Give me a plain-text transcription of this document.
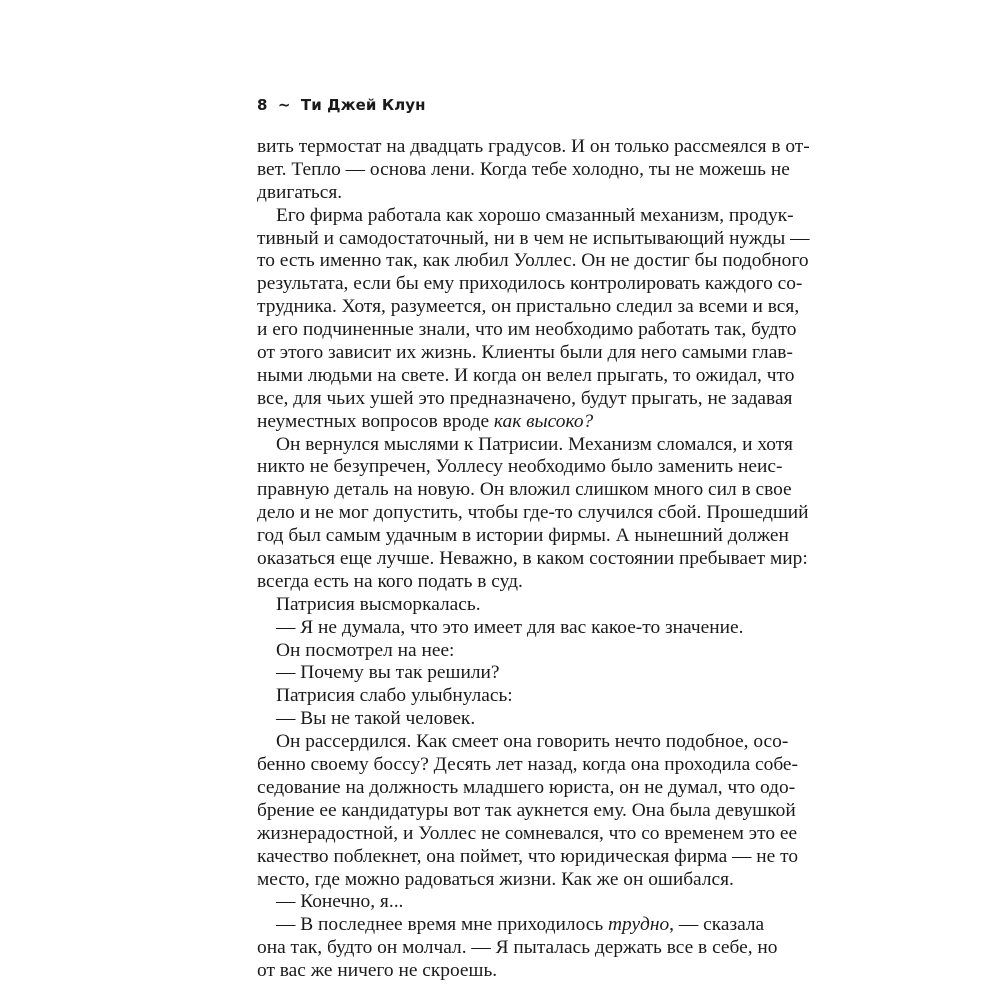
8 ~ Ти Джей Клун
вить термостат на двадцать градусов. И он только рассмеялся в от-
вет. Тепло — основа лени. Когда тебе холодно, ты не можешь не
двигаться.
Его фирма работала как хорошо смазанный механизм, продук-
тивный и самодостаточный, ни в чем не испытывающий нужды —
то есть именно так, как любил Уоллес. Он не достиг бы подобного
результата, если бы ему приходилось контролировать каждого со-
трудника. Хотя, разумеется, он пристально следил за всеми и вся,
и его подчиненные знали, что им необходимо работать так, будто
от этого зависит их жизнь. Клиенты были для него самыми глав-
ными людьми на свете. И когда он велел прыгать, то ожидал, что
все, для чьих ушей это предназначено, будут прыгать, не задавая
неуместных вопросов вроде как высоко?
Он вернулся мыслями к Патрисии. Механизм сломался, и хотя
никто не безупречен, Уоллесу необходимо было заменить неис-
правную деталь на новую. Он вложил слишком много сил в свое
дело и не мог допустить, чтобы где-то случился сбой. Прошедший
год был самым удачным в истории фирмы. А нынешний должен
оказаться еще лучше. Неважно, в каком состоянии пребывает мир:
всегда есть на кого подать в суд.
Патрисия высморкалась.
— Я не думала, что это имеет для вас какое-то значение.
Он посмотрел на нее:
— Почему вы так решили?
Патрисия слабо улыбнулась:
— Вы не такой человек.
Он рассердился. Как смеет она говорить нечто подобное, осо-
бенно своему боссу? Десять лет назад, когда она проходила собе-
седование на должность младшего юриста, он не думал, что одо-
брение ее кандидатуры вот так аукнется ему. Она была девушкой
жизнерадостной, и Уоллес не сомневался, что со временем это ее
качество поблекнет, она поймет, что юридическая фирма — не то
место, где можно радоваться жизни. Как же он ошибался.
— Конечно, я...
— В последнее время мне приходилось трудно, — сказала
она так, будто он молчал. — Я пыталась держать все в себе, но
от вас же ничего не скроешь.
